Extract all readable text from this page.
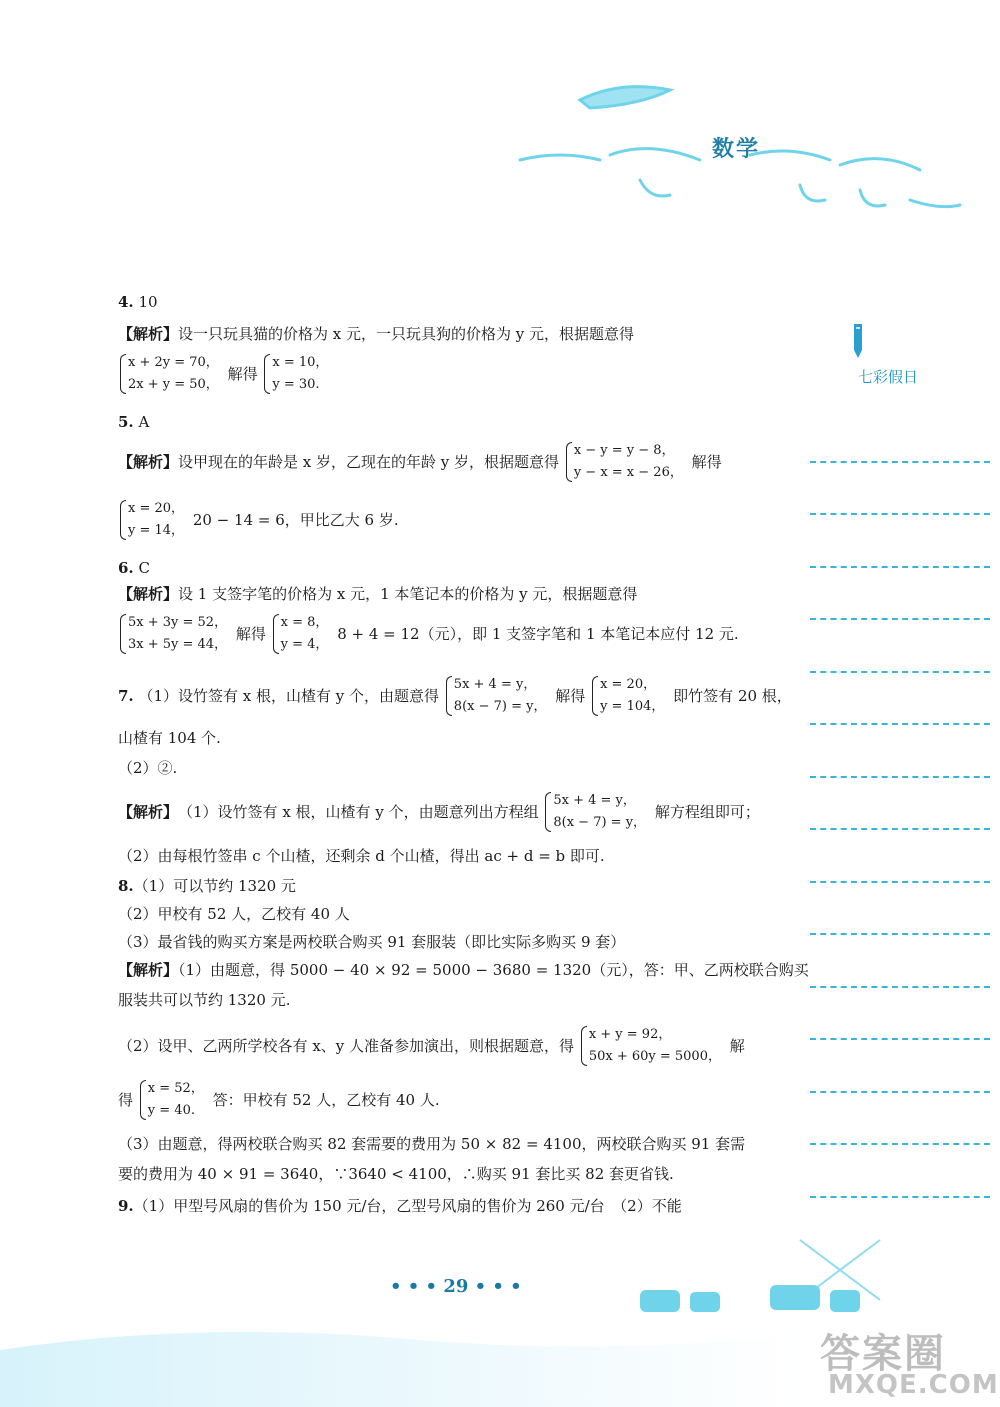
数学
七彩假日
4. 10
【解析】设一只玩具猫的价格为 x 元，一只玩具狗的价格为 y 元，根据题意得
x + 2y = 70，
2x + y = 50，
解得
x = 10，
y = 30.
5. A
【解析】设甲现在的年龄是 x 岁，乙现在的年龄 y 岁，根据题意得
x − y = y − 8，
y − x = x − 26，
解得
x = 20，
y = 14，
20 − 14 = 6，甲比乙大 6 岁.
6. C
【解析】设 1 支签字笔的价格为 x 元，1 本笔记本的价格为 y 元，根据题意得
5x + 3y = 52，
3x + 5y = 44，
解得
x = 8，
y = 4，
8 + 4 = 12（元），即 1 支签字笔和 1 本笔记本应付 12 元.
7. （1）设竹签有 x 根，山楂有 y 个，由题意得
5x + 4 = y，
8(x − 7) = y，
解得
x = 20，
y = 104，
即竹签有 20 根，
山楂有 104 个.
（2）②.
【解析】（1）设竹签有 x 根，山楂有 y 个，由题意列出方程组
5x + 4 = y，
8(x − 7) = y，
解方程组即可；
（2）由每根竹签串 c 个山楂，还剩余 d 个山楂，得出 ac + d = b 即可.
8.（1）可以节约 1320 元
（2）甲校有 52 人，乙校有 40 人
（3）最省钱的购买方案是两校联合购买 91 套服装（即比实际多购买 9 套）
【解析】（1）由题意，得 5000 − 40 × 92 = 5000 − 3680 = 1320（元），答：甲、乙两校联合购买
服装共可以节约 1320 元.
（2）设甲、乙两所学校各有 x、y 人准备参加演出，则根据题意，得
x + y = 92，
50x + 60y = 5000，
解
得
x = 52，
y = 40.
答：甲校有 52 人，乙校有 40 人.
（3）由题意，得两校联合购买 82 套需要的费用为 50 × 82 = 4100，两校联合购买 91 套需
要的费用为 40 × 91 = 3640，∵3640 < 4100，∴购买 91 套比买 82 套更省钱.
9.（1）甲型号风扇的售价为 150 元/台，乙型号风扇的售价为 260 元/台　（2）不能
• • • 29 • • •
答案圈
MXQE.COM
